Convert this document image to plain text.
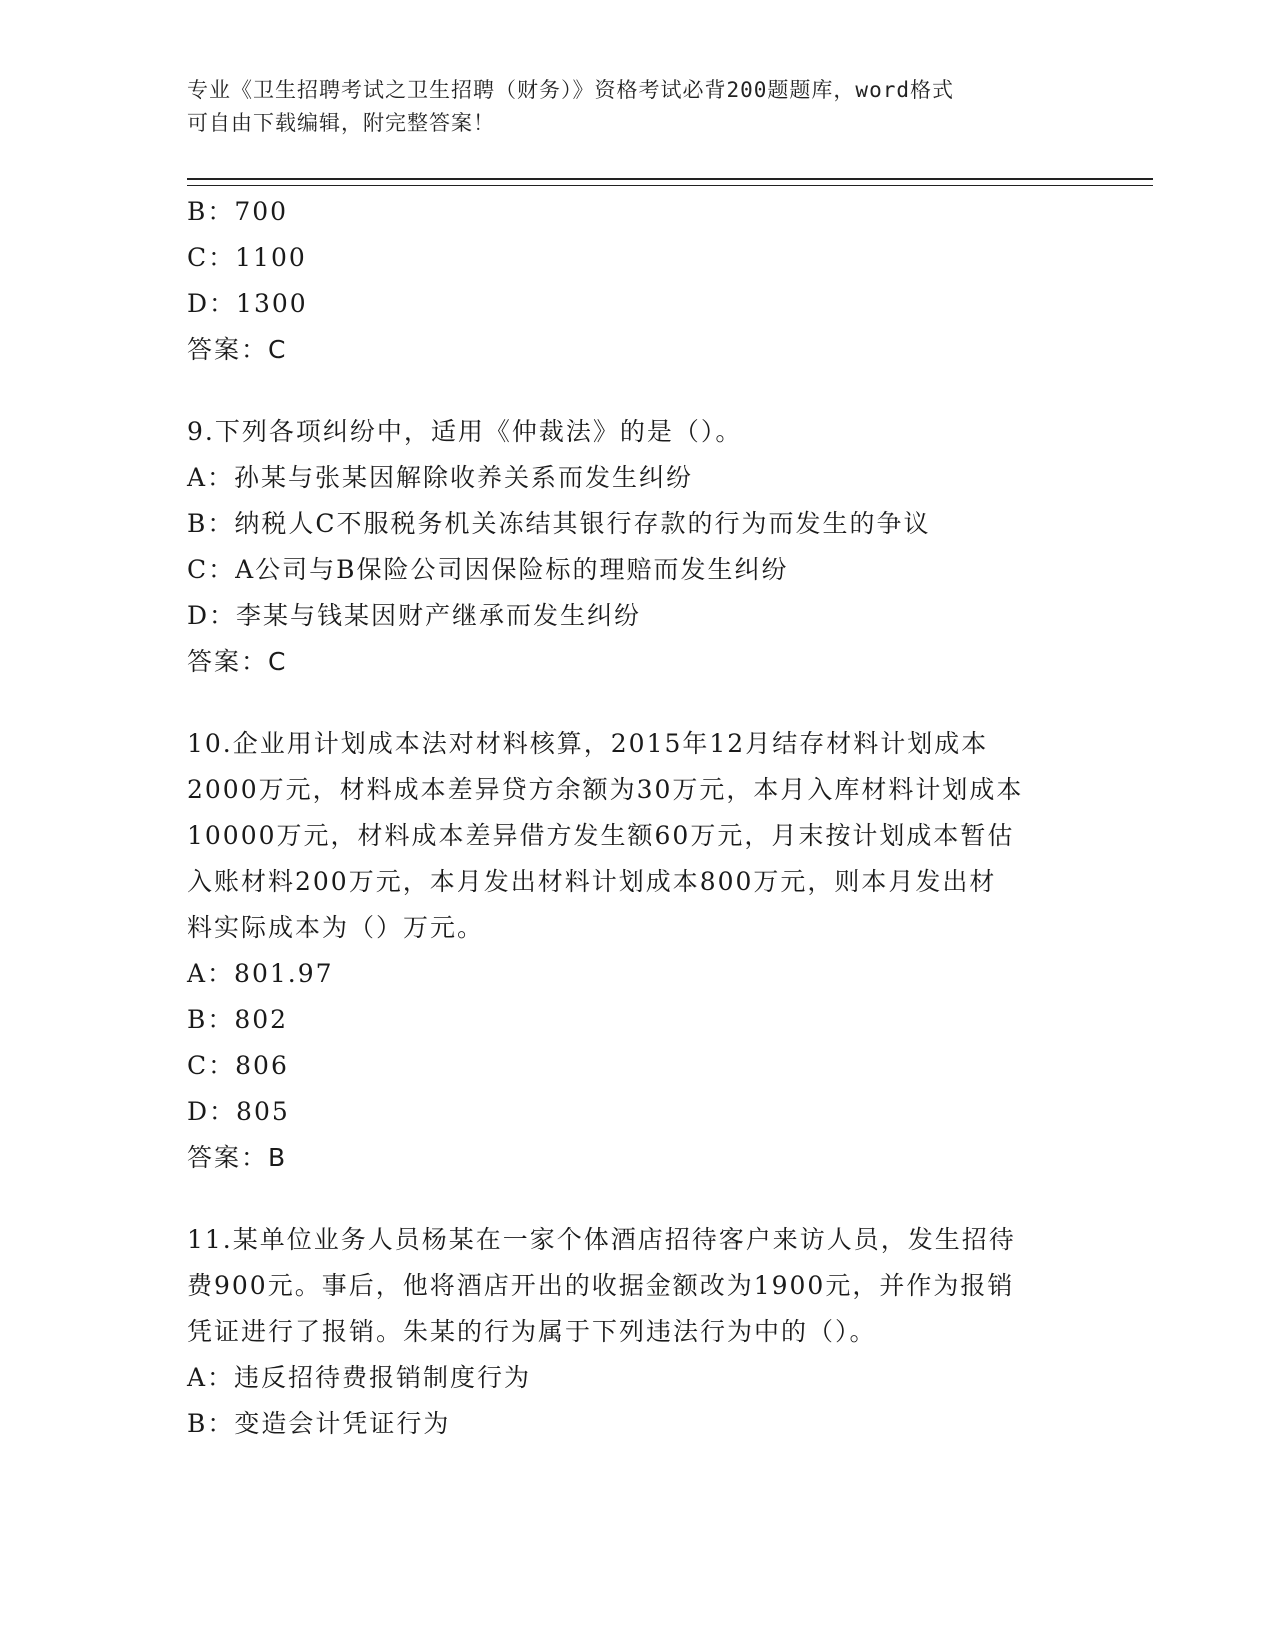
专业《卫生招聘考试之卫生招聘（财务）》资格考试必背200题题库，word格式
可自由下载编辑，附完整答案！
B：700
C：1100
D：1300
答案：C
9.下列各项纠纷中，适用《仲裁法》的是（）。
A：孙某与张某因解除收养关系而发生纠纷
B：纳税人C不服税务机关冻结其银行存款的行为而发生的争议
C：A公司与B保险公司因保险标的理赔而发生纠纷
D：李某与钱某因财产继承而发生纠纷
答案：C
10.企业用计划成本法对材料核算，2015年12月结存材料计划成本
2000万元，材料成本差异贷方余额为30万元，本月入库材料计划成本
10000万元，材料成本差异借方发生额60万元，月末按计划成本暂估
入账材料200万元，本月发出材料计划成本800万元，则本月发出材
料实际成本为（）万元。
A：801.97
B：802
C：806
D：805
答案：B
11.某单位业务人员杨某在一家个体酒店招待客户来访人员，发生招待
费900元。事后，他将酒店开出的收据金额改为1900元，并作为报销
凭证进行了报销。朱某的行为属于下列违法行为中的（）。
A：违反招待费报销制度行为
B：变造会计凭证行为
